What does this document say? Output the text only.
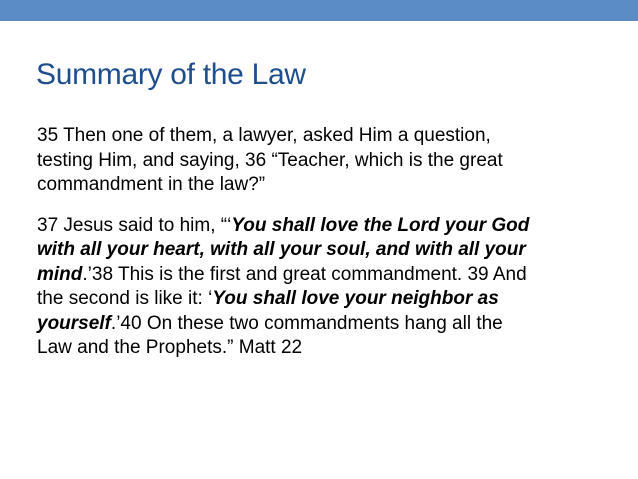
Summary of the Law

35 Then one of them, a lawyer, asked Him a question,
testing Him, and saying, 36 “Teacher, which is the great
commandment in the law?”

37 Jesus said to him, “‘You shall love the Lord your God
with all your heart, with all your soul, and with all your
mind.’38 This is the first and great commandment. 39 And
the second is like it: ‘You shall love your neighbor as
yourself.’40 On these two commandments hang all the
Law and the Prophets.” Matt 22
